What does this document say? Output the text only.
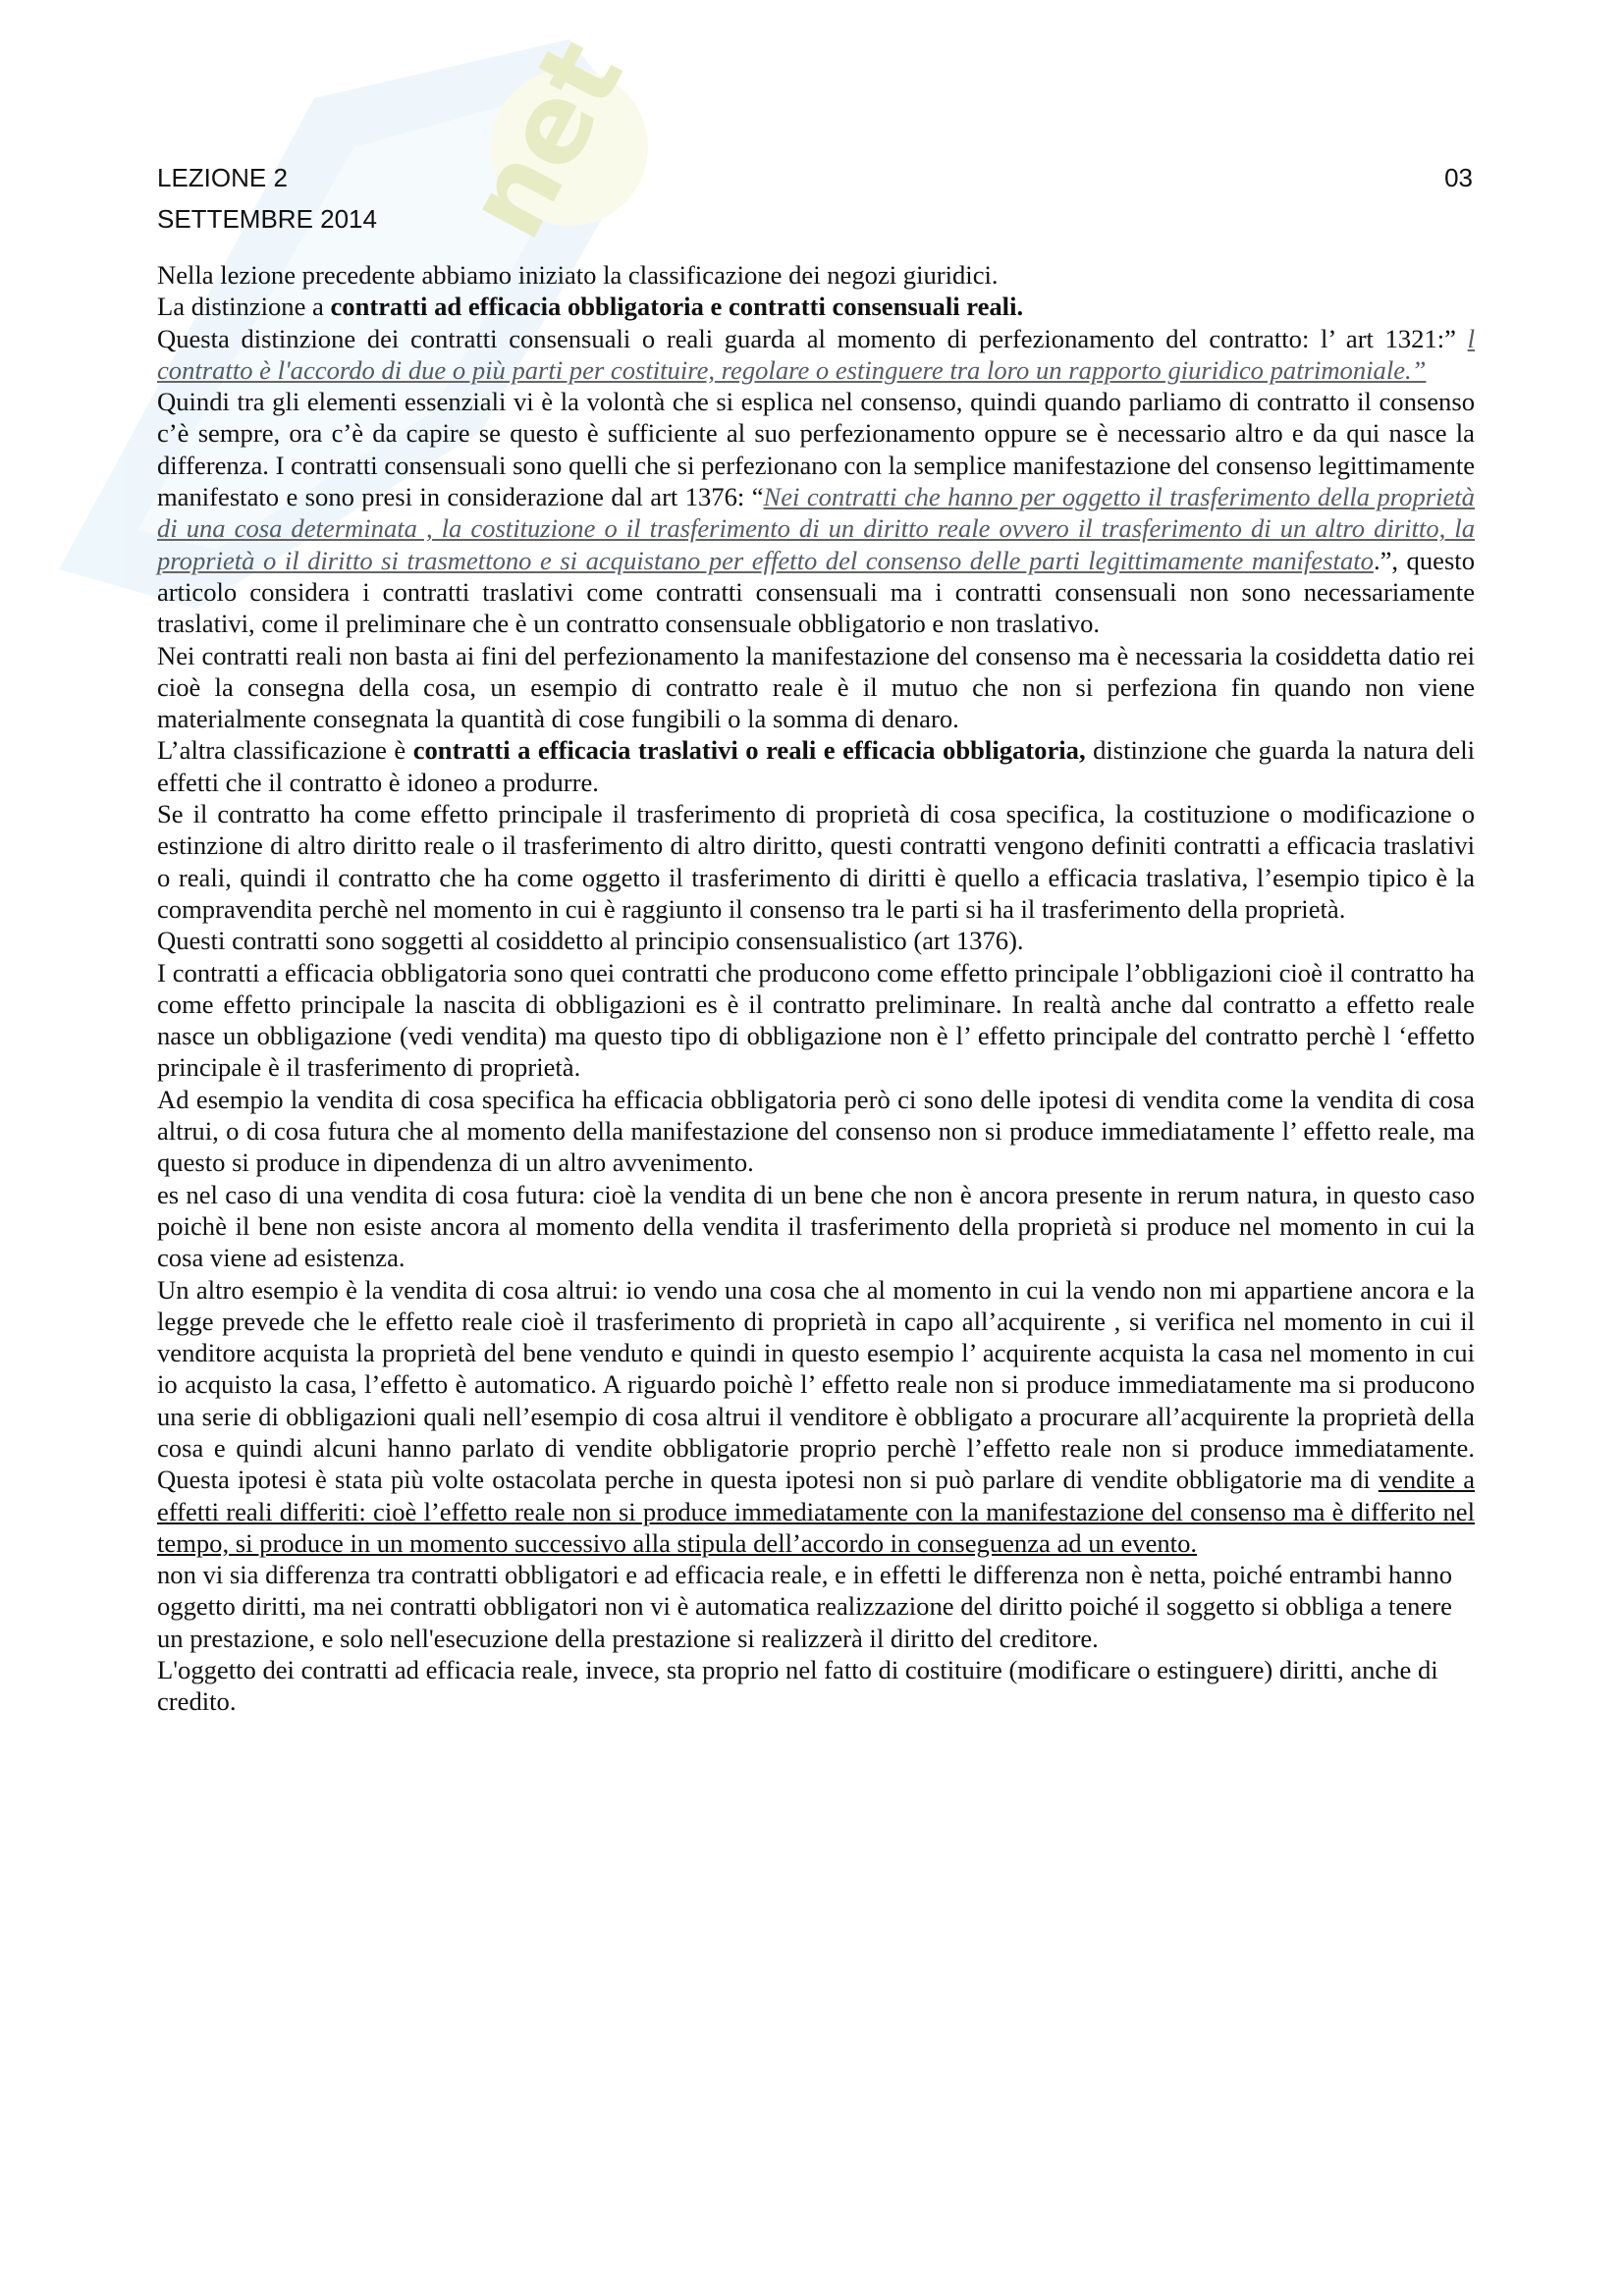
net
LEZIONE 2	03
SETTEMBRE 2014

Nella lezione precedente abbiamo iniziato la classificazione dei negozi giuridici.

La distinzione a contratti ad efficacia obbligatoria e contratti consensuali reali.

Questa distinzione dei contratti consensuali o reali guarda al momento di perfezionamento del contratto: l’ art 1321:” l contratto è l'accordo di due o più parti per costituire, regolare o estinguere tra loro un rapporto giuridico patrimoniale.”

Quindi tra gli elementi essenziali vi è la volontà che si esplica nel consenso, quindi quando parliamo di contratto il consenso c’è sempre, ora c’è da capire se questo è sufficiente al suo perfezionamento oppure se è necessario altro e da qui nasce la differenza. I contratti consensuali sono quelli che si perfezionano con la semplice manifestazione del consenso legittimamente manifestato e sono presi in considerazione dal art 1376: “Nei contratti che hanno per oggetto il trasferimento della proprietà di una cosa determinata , la costituzione o il trasferimento di un diritto reale ovvero il trasferimento di un altro diritto, la proprietà o il diritto si trasmettono e si acquistano per effetto del consenso delle parti legittimamente manifestato.”, questo articolo considera i contratti traslativi come contratti consensuali ma i contratti consensuali non sono necessariamente traslativi, come il preliminare che è un contratto consensuale obbligatorio e non traslativo.

Nei contratti reali non basta ai fini del perfezionamento la manifestazione del consenso ma è necessaria la cosiddetta datio rei cioè la consegna della cosa, un esempio di contratto reale è il mutuo che non si perfeziona fin quando non viene materialmente consegnata la quantità di cose fungibili o la somma di denaro.

L’altra classificazione è contratti a efficacia traslativi o reali e efficacia obbligatoria, distinzione che guarda la natura deli effetti che il contratto è idoneo a produrre.

Se il contratto ha come effetto principale il trasferimento di proprietà di cosa specifica, la costituzione o modificazione o estinzione di altro diritto reale o il trasferimento di altro diritto, questi contratti vengono definiti contratti a efficacia traslativi o reali, quindi il contratto che ha come oggetto il trasferimento di diritti è quello a efficacia traslativa, l’esempio tipico è la compravendita perchè nel momento in cui è raggiunto il consenso tra le parti si ha il trasferimento della proprietà.

Questi contratti sono soggetti al cosiddetto al principio consensualistico (art 1376).

I contratti a efficacia obbligatoria sono quei contratti che producono come effetto principale l’obbligazioni cioè il contratto ha come effetto principale la nascita di obbligazioni es è il contratto preliminare. In realtà anche dal contratto a effetto reale nasce un obbligazione (vedi vendita) ma questo tipo di obbligazione non è l’ effetto principale del contratto perchè l ‘effetto principale è il trasferimento di proprietà.

Ad esempio la vendita di cosa specifica ha efficacia obbligatoria però ci sono delle ipotesi di vendita come la vendita di cosa altrui, o di cosa futura che al momento della manifestazione del consenso non si produce immediatamente l’ effetto reale, ma questo si produce in dipendenza di un altro avvenimento.

es nel caso di una vendita di cosa futura: cioè la vendita di un bene che non è ancora presente in rerum natura, in questo caso poichè il bene non esiste ancora al momento della vendita il trasferimento della proprietà si produce nel momento in cui la cosa viene ad esistenza.

Un altro esempio è la vendita di cosa altrui: io vendo una cosa che al momento in cui la vendo non mi appartiene ancora e la legge prevede che le effetto reale cioè il trasferimento di proprietà in capo all’acquirente , si verifica nel momento in cui il venditore acquista la proprietà del bene venduto e quindi in questo esempio l’ acquirente acquista la casa nel momento in cui io acquisto la casa, l’effetto è automatico. A riguardo poichè l’ effetto reale non si produce immediatamente ma si producono una serie di obbligazioni quali nell’esempio di cosa altrui il venditore è obbligato a procurare all’acquirente la proprietà della cosa e quindi alcuni hanno parlato di vendite obbligatorie proprio perchè l’effetto reale non si produce immediatamente. Questa ipotesi è stata più volte ostacolata perche in questa ipotesi non si può parlare di vendite obbligatorie ma di vendite a effetti reali differiti: cioè l’effetto reale non si produce immediatamente con la manifestazione del consenso ma è differito nel tempo, si produce in un momento successivo alla stipula dell’accordo in conseguenza ad un evento.

non vi sia differenza tra contratti obbligatori e ad efficacia reale, e in effetti le differenza non è netta, poiché entrambi hanno oggetto diritti, ma nei contratti obbligatori non vi è automatica realizzazione del diritto poiché il soggetto si obbliga a tenere un prestazione, e solo nell'esecuzione della prestazione si realizzerà il diritto del creditore.

L'oggetto dei contratti ad efficacia reale, invece, sta proprio nel fatto di costituire (modificare o estinguere) diritti, anche di credito.
